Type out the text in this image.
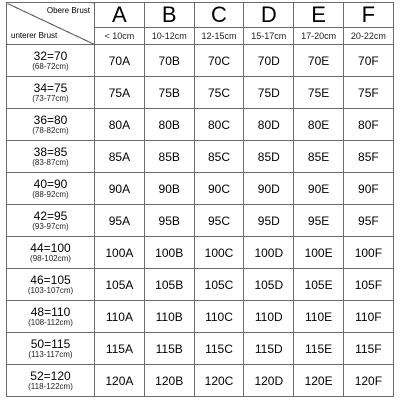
Obere Brust
unterer Brust	A	B	C	D	E	F
	< 10cm	10-12cm	12-15cm	15-17cm	17-20cm	20-22cm

32=70
(68-72cm)	70A	70B	70C	70D	70E	70F

34=75
(73-77cm)	75A	75B	75C	75D	75E	75F

36=80
(78-82cm)	80A	80B	80C	80D	80E	80F

38=85
(83-87cm)	85A	85B	85C	85D	85E	85F

40=90
(88-92cm)	90A	90B	90C	90D	90E	90F

42=95
(93-97cm)	95A	95B	95C	95D	95E	95F

44=100
(98-102cm)	100A	100B	100C	100D	100E	100F

46=105
(103-107cm)	105A	105B	105C	105D	105E	105F

48=110
(108-112cm)	110A	110B	110C	110D	110E	110F

50=115
(113-117cm)	115A	115B	115C	115D	115E	115F

52=120
(118-122cm)	120A	120B	120C	120D	120E	120F
